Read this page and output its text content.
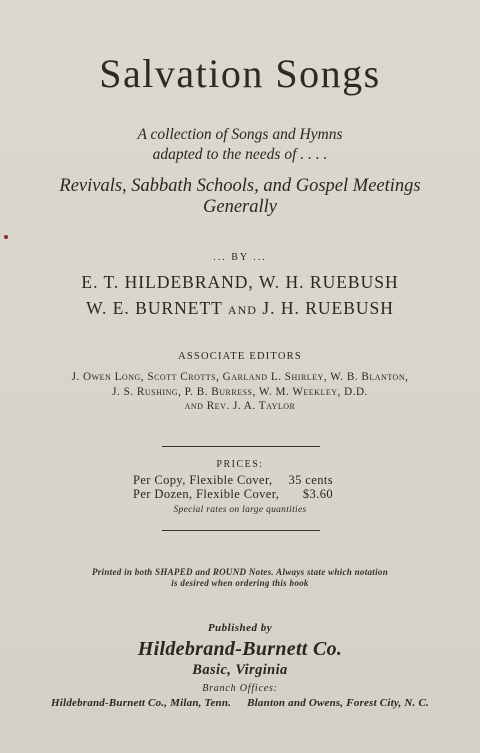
Salvation Songs
A collection of Songs and Hymns
adapted to the needs of . . . .
Revivals, Sabbath Schools, and Gospel Meetings
Generally
... BY ...
E. T. HILDEBRAND, W. H. RUEBUSH
W. E. BURNETT AND J. H. RUEBUSH
ASSOCIATE EDITORS
J. Owen Long, Scott Crotts, Garland L. Shirley, W. B. Blanton,
J. S. Rushing, P. B. Burress, W. M. Weekley, D.D.
and Rev. J. A. Taylor
PRICES:
Per Copy, Flexible Cover, 35 cents
Per Dozen, Flexible Cover, $3.60
Special rates on large quantities
Printed in both SHAPED and ROUND Notes. Always state which notation
is desired when ordering this book
Published by
Hildebrand-Burnett Co.
Basic, Virginia
Branch Offices:
Hildebrand-Burnett Co., Milan, Tenn. Blanton and Owens, Forest City, N. C.
